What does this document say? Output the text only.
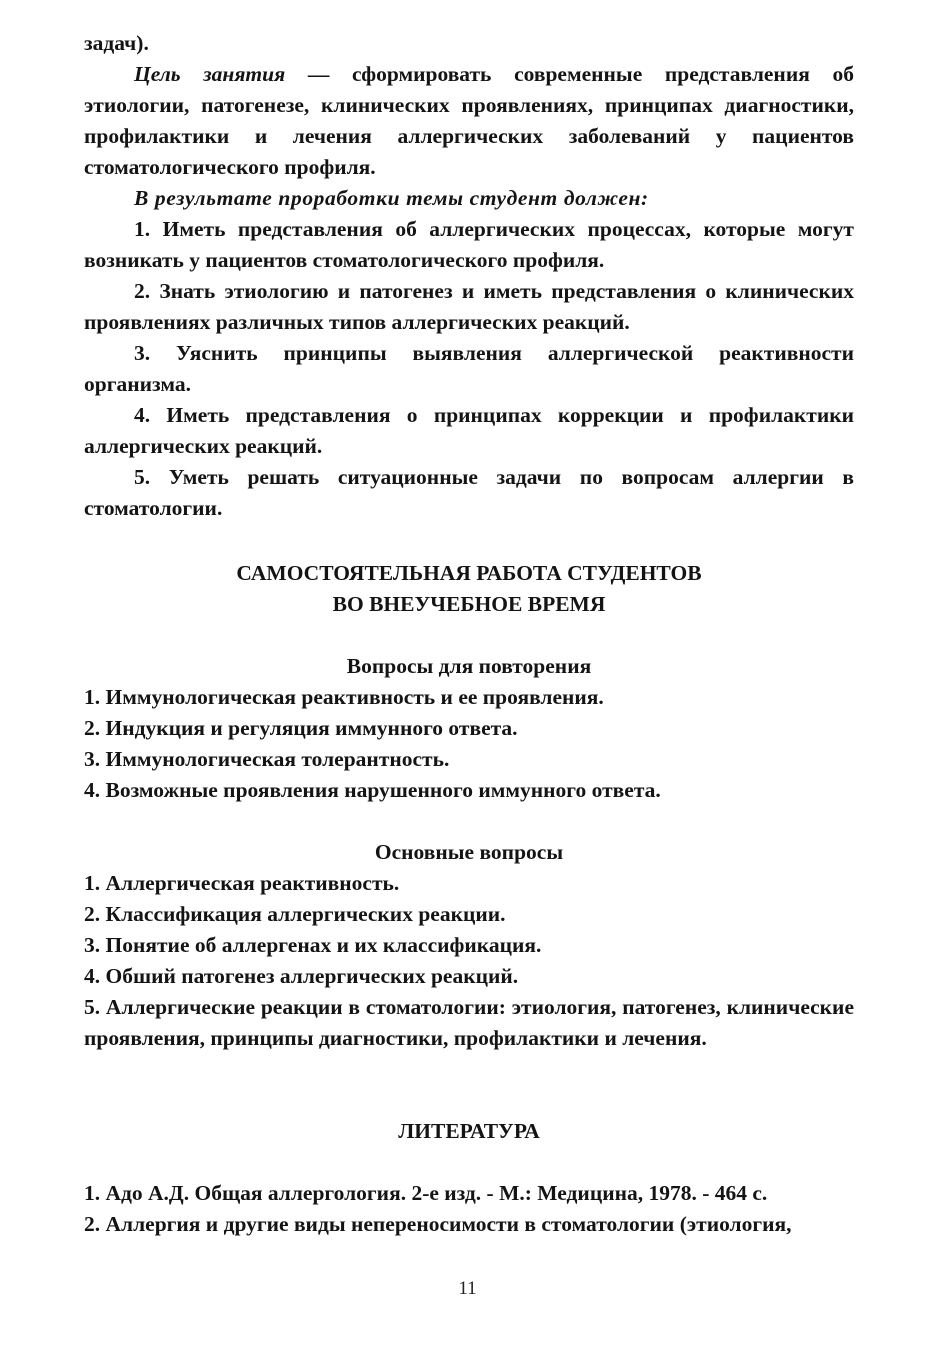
задач).

Цель занятия — сформировать современные представления об этиологии, патогенезе, клинических проявлениях, принципах диагностики, профилактики и лечения аллергических заболеваний у пациентов стоматологического профиля.

В результате проработки темы студент должен:

1. Иметь представления об аллергических процессах, которые могут возникать у пациентов стоматологического профиля.

2. Знать этиологию и патогенез и иметь представления о клинических проявлениях различных типов аллергических реакций.

3. Уяснить принципы выявления аллергической реактивности организма.

4. Иметь представления о принципах коррекции и профилактики аллергических реакций.

5. Уметь решать ситуационные задачи по вопросам аллергии в стоматологии.

САМОСТОЯТЕЛЬНАЯ РАБОТА СТУДЕНТОВ

ВО ВНЕУЧЕБНОЕ ВРЕМЯ

Вопросы для повторения

1. Иммунологическая реактивность и ее проявления.
2. Индукция и регуляция иммунного ответа.
3. Иммунологическая толерантность.
4. Возможные проявления нарушенного иммунного ответа.

Основные вопросы

1. Аллергическая реактивность.
2. Классификация аллергических реакции.
3. Понятие об аллергенах и их классификация.
4. Обший патогенез аллергических реакций.
5. Аллергические реакции в стоматологии: этиология, патогенез, клинические проявления, принципы диагностики, профилактики и лечения.

ЛИТЕРАТУРА

1. Адо А.Д. Общая аллергология. 2-е изд. - М.: Медицина, 1978. - 464 с.
2. Аллергия и другие виды непереносимости в стоматологии (этиология,
11
